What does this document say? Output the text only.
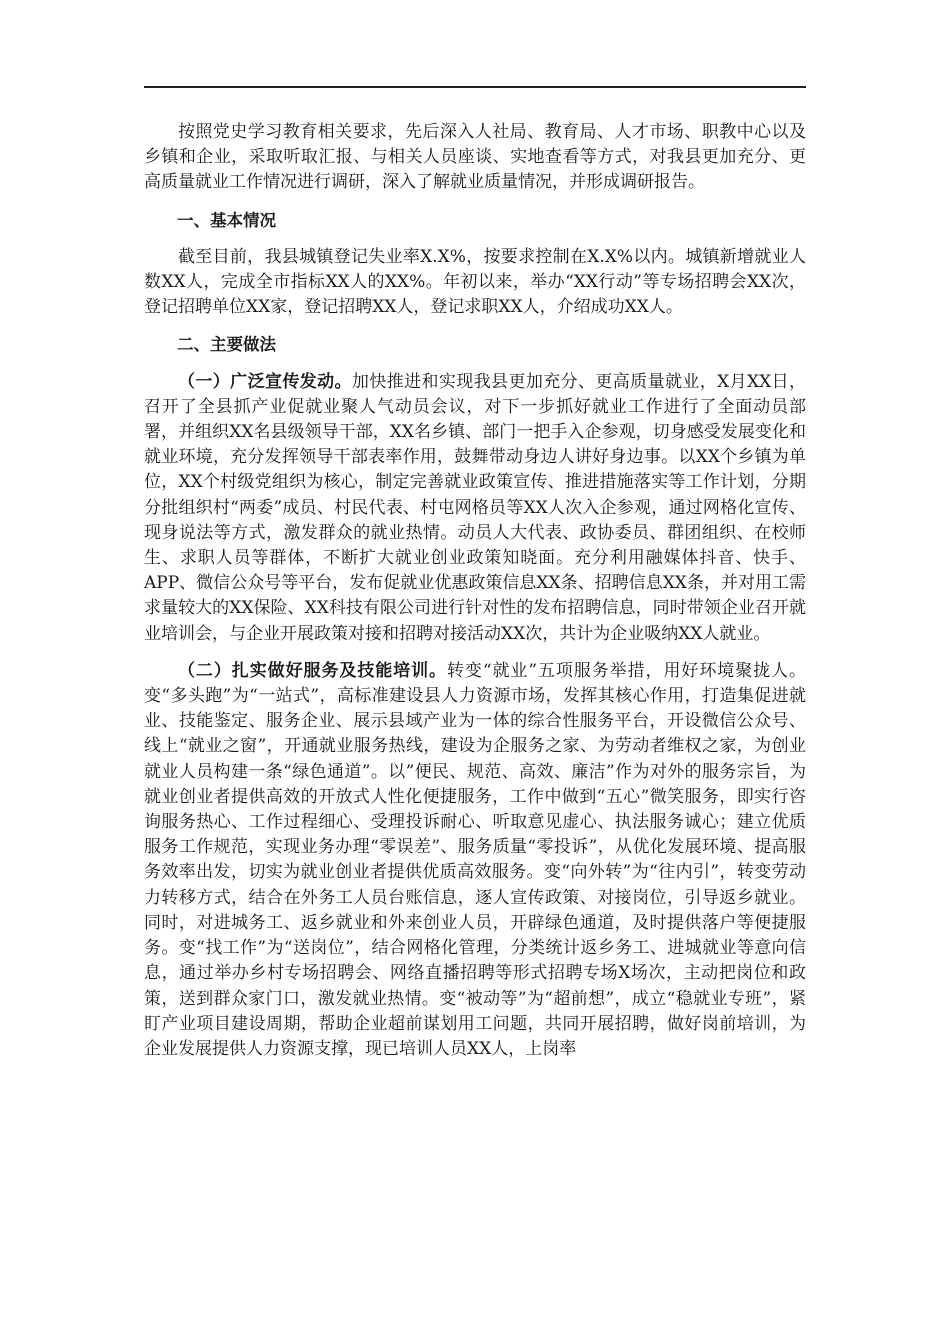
按照党史学习教育相关要求，先后深入人社局、教育局、人才市场、职教中心以及乡镇和企业，采取听取汇报、与相关人员座谈、实地查看等方式，对我县更加充分、更高质量就业工作情况进行调研，深入了解就业质量情况，并形成调研报告。

一、基本情况

截至目前，我县城镇登记失业率X.X%，按要求控制在X.X%以内。城镇新增就业人数XX人，完成全市指标XX人的XX%。年初以来，举办“XX行动”等专场招聘会XX次，登记招聘单位XX家，登记招聘XX人，登记求职XX人，介绍成功XX人。

二、主要做法

（一）广泛宣传发动。加快推进和实现我县更加充分、更高质量就业，X月XX日，召开了全县抓产业促就业聚人气动员会议，对下一步抓好就业工作进行了全面动员部署，并组织XX名县级领导干部，XX名乡镇、部门一把手入企参观，切身感受发展变化和就业环境，充分发挥领导干部表率作用，鼓舞带动身边人讲好身边事。以XX个乡镇为单位，XX个村级党组织为核心，制定完善就业政策宣传、推进措施落实等工作计划，分期分批组织村“两委”成员、村民代表、村屯网格员等XX人次入企参观，通过网格化宣传、现身说法等方式，激发群众的就业热情。动员人大代表、政协委员、群团组织、在校师生、求职人员等群体，不断扩大就业创业政策知晓面。充分利用融媒体抖音、快手、APP、微信公众号等平台，发布促就业优惠政策信息XX条、招聘信息XX条，并对用工需求量较大的XX保险、XX科技有限公司进行针对性的发布招聘信息，同时带领企业召开就业培训会，与企业开展政策对接和招聘对接活动XX次，共计为企业吸纳XX人就业。

（二）扎实做好服务及技能培训。转变“就业”五项服务举措，用好环境聚拢人。变“多头跑”为“一站式”，高标准建设县人力资源市场，发挥其核心作用，打造集促进就业、技能鉴定、服务企业、展示县域产业为一体的综合性服务平台，开设微信公众号、线上“就业之窗”，开通就业服务热线，建设为企服务之家、为劳动者维权之家，为创业就业人员构建一条“绿色通道”。以”便民、规范、高效、廉洁”作为对外的服务宗旨，为就业创业者提供高效的开放式人性化便捷服务，工作中做到“五心”微笑服务，即实行咨询服务热心、工作过程细心、受理投诉耐心、听取意见虚心、执法服务诚心；建立优质服务工作规范，实现业务办理“零误差”、服务质量“零投诉”，从优化发展环境、提高服务效率出发，切实为就业创业者提供优质高效服务。变“向外转”为“往内引”，转变劳动力转移方式，结合在外务工人员台账信息，逐人宣传政策、对接岗位，引导返乡就业。同时，对进城务工、返乡就业和外来创业人员，开辟绿色通道，及时提供落户等便捷服务。变“找工作”为“送岗位”，结合网格化管理，分类统计返乡务工、进城就业等意向信息，通过举办乡村专场招聘会、网络直播招聘等形式招聘专场X场次，主动把岗位和政策，送到群众家门口，激发就业热情。变“被动等”为“超前想”，成立“稳就业专班”，紧盯产业项目建设周期，帮助企业超前谋划用工问题，共同开展招聘，做好岗前培训，为企业发展提供人力资源支撑，现已培训人员XX人，上岗率
